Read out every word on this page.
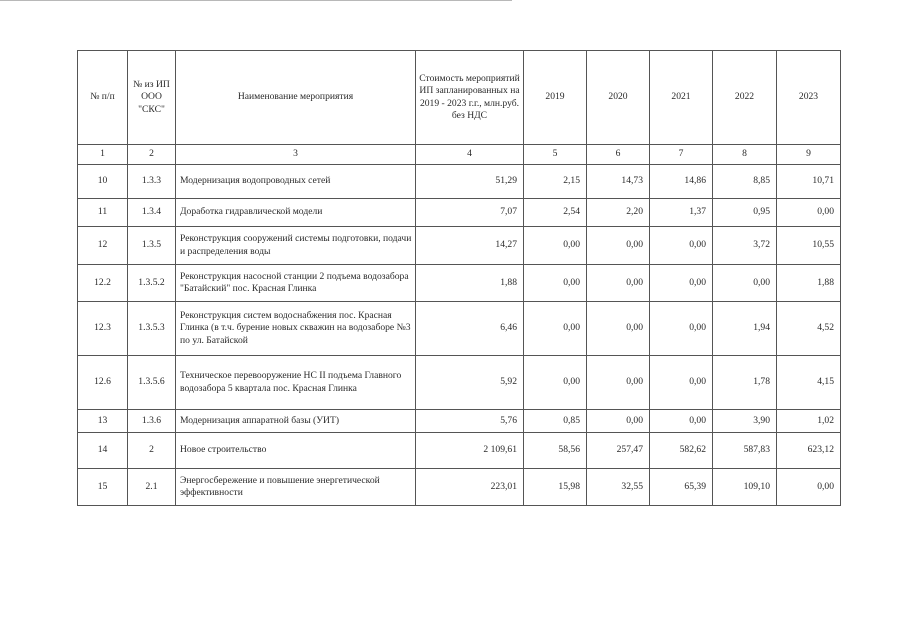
№ п/п	№ из ИП ООО "СКС"	Наименование мероприятия	Стоимость мероприятий ИП запланированных на 2019 - 2023 г.г., млн.руб. без НДС	2019	2020	2021	2022	2023
1	2	3	4	5	6	7	8	9
10	1.3.3	Модернизация водопроводных сетей	51,29	2,15	14,73	14,86	8,85	10,71
11	1.3.4	Доработка гидравлической модели	7,07	2,54	2,20	1,37	0,95	0,00
12	1.3.5	Реконструкция сооружений системы подготовки, подачи и распределения воды	14,27	0,00	0,00	0,00	3,72	10,55
12.2	1.3.5.2	Реконструкция насосной станции 2 подъема водозабора "Батайский" пос. Красная Глинка	1,88	0,00	0,00	0,00	0,00	1,88
12.3	1.3.5.3	Реконструкция систем водоснабжения пос. Красная Глинка (в т.ч. бурение новых скважин на водозаборе №3 по ул. Батайской	6,46	0,00	0,00	0,00	1,94	4,52
12.6	1.3.5.6	Техническое перевооружение НС II подъема Главного водозабора 5 квартала пос. Красная Глинка	5,92	0,00	0,00	0,00	1,78	4,15
13	1.3.6	Модернизация аппаратной базы (УИТ)	5,76	0,85	0,00	0,00	3,90	1,02
14	2	Новое строительство	2 109,61	58,56	257,47	582,62	587,83	623,12
15	2.1	Энергосбережение и повышение энергетической эффективности	223,01	15,98	32,55	65,39	109,10	0,00
